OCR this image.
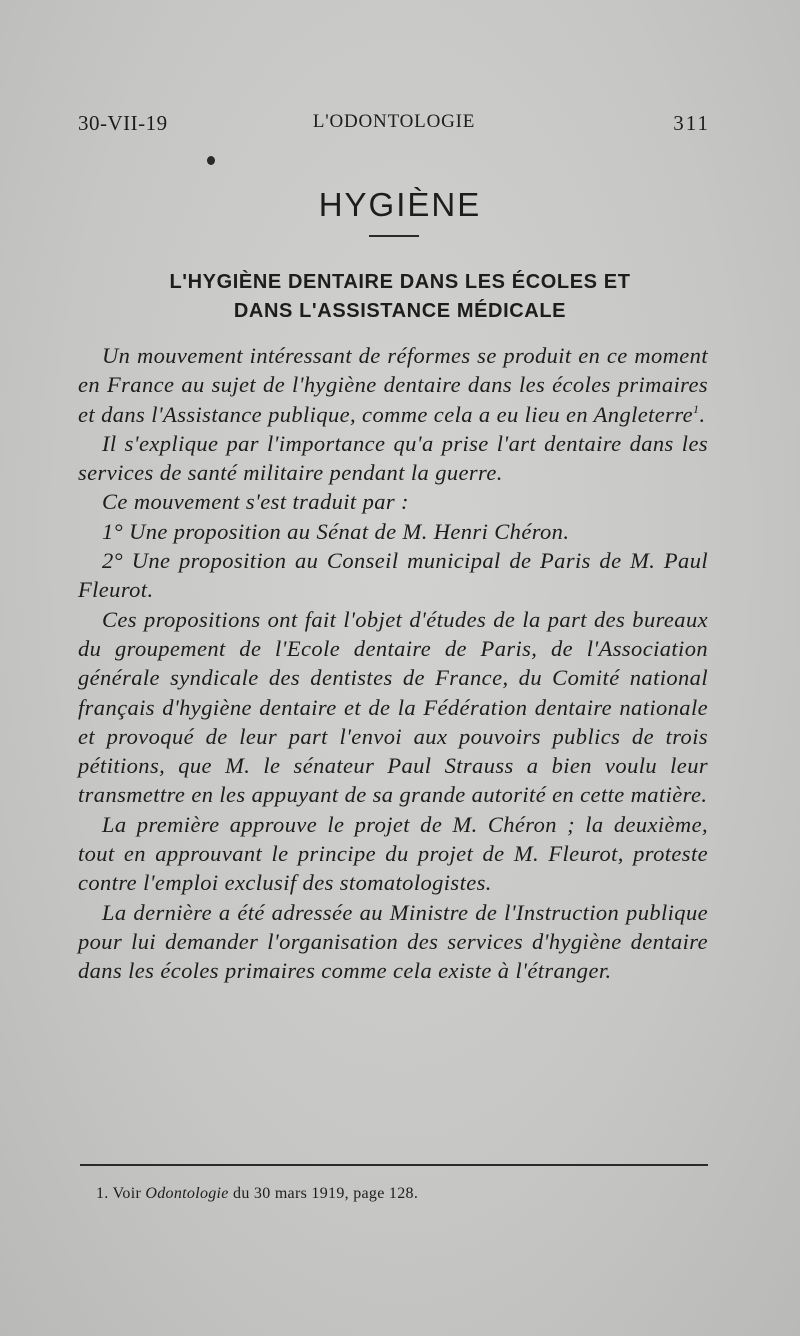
30-VII-19	L'ODONTOLOGIE	311
HYGIÈNE
L'HYGIÈNE DENTAIRE DANS LES ÉCOLES ET
DANS L'ASSISTANCE MÉDICALE

Un mouvement intéressant de réformes se produit en ce moment en France au sujet de l'hygiène dentaire dans les écoles primaires et dans l'Assistance publique, comme cela a eu lieu en Angleterre$^1$.

Il s'explique par l'importance qu'a prise l'art dentaire dans les services de santé militaire pendant la guerre.

Ce mouvement s'est traduit par :

1° Une proposition au Sénat de M. Henri Chéron.

2° Une proposition au Conseil municipal de Paris de M. Paul Fleurot.

Ces propositions ont fait l'objet d'études de la part des bureaux du groupement de l'Ecole dentaire de Paris, de l'Association générale syndicale des dentistes de France, du Comité national français d'hygiène dentaire et de la Fédération dentaire nationale et provoqué de leur part l'envoi aux pouvoirs publics de trois pétitions, que M. le sénateur Paul Strauss a bien voulu leur transmettre en les appuyant de sa grande autorité en cette matière.

La première approuve le projet de M. Chéron ; la deuxième, tout en approuvant le principe du projet de M. Fleurot, proteste contre l'emploi exclusif des stomatologistes.

La dernière a été adressée au Ministre de l'Instruction publique pour lui demander l'organisation des services d'hygiène dentaire dans les écoles primaires comme cela existe à l'étranger.

1. Voir Odontologie du 30 mars 1919, page 128.
